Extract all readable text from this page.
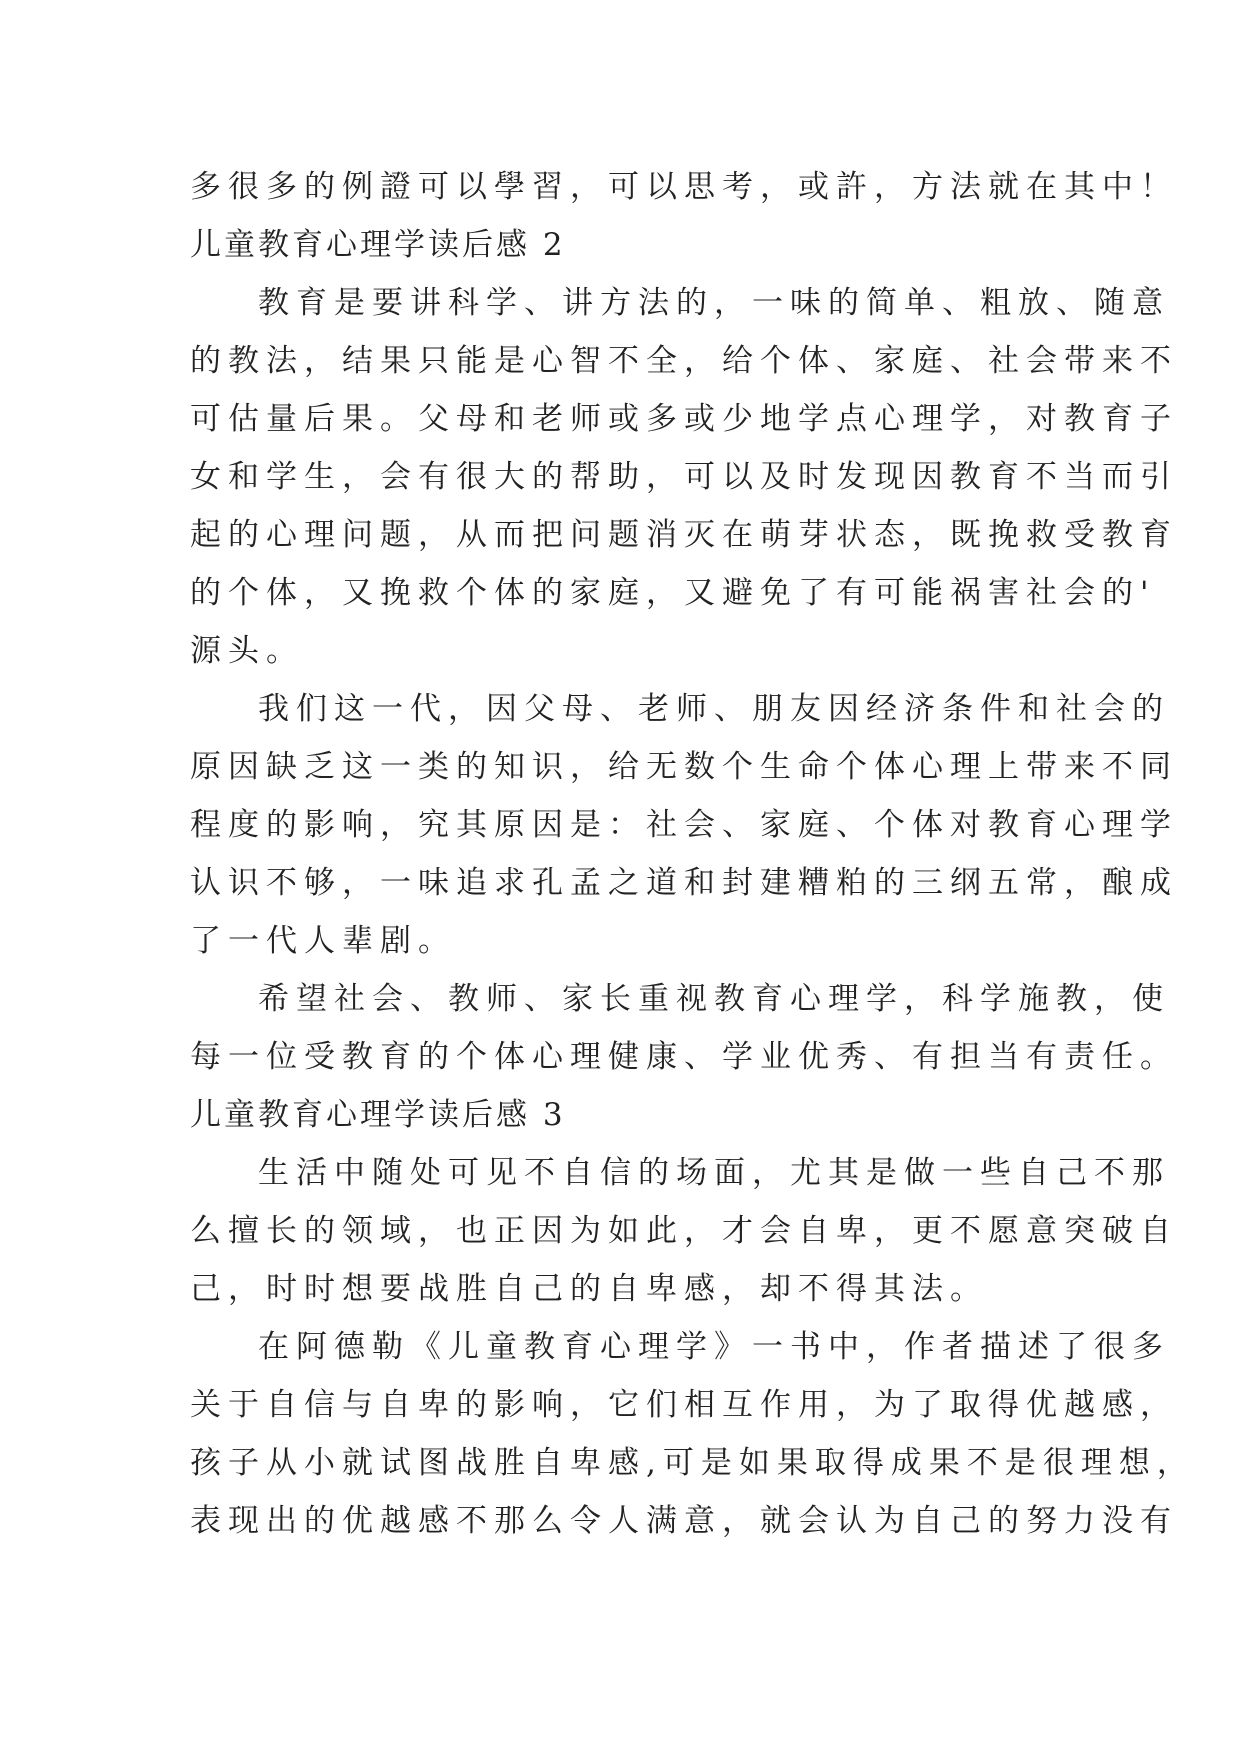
多很多的例證可以學習，可以思考，或許，方法就在其中！
儿童教育心理学读后感 2
教育是要讲科学、讲方法的，一味的简单、粗放、随意
的教法，结果只能是心智不全，给个体、家庭、社会带来不
可估量后果。父母和老师或多或少地学点心理学，对教育子
女和学生，会有很大的帮助，可以及时发现因教育不当而引
起的心理问题，从而把问题消灭在萌芽状态，既挽救受教育
的个体，又挽救个体的家庭，又避免了有可能祸害社会的'
源头。
我们这一代，因父母、老师、朋友因经济条件和社会的
原因缺乏这一类的知识，给无数个生命个体心理上带来不同
程度的影响，究其原因是：社会、家庭、个体对教育心理学
认识不够，一味追求孔孟之道和封建糟粕的三纲五常，酿成
了一代人辈剧。
希望社会、教师、家长重视教育心理学，科学施教，使
每一位受教育的个体心理健康、学业优秀、有担当有责任。
儿童教育心理学读后感 3
生活中随处可见不自信的场面，尤其是做一些自己不那
么擅长的领域，也正因为如此，才会自卑，更不愿意突破自
己，时时想要战胜自己的自卑感，却不得其法。
在阿德勒《儿童教育心理学》一书中，作者描述了很多
关于自信与自卑的影响，它们相互作用，为了取得优越感，
孩子从小就试图战胜自卑感,可是如果取得成果不是很理想，
表现出的优越感不那么令人满意，就会认为自己的努力没有
